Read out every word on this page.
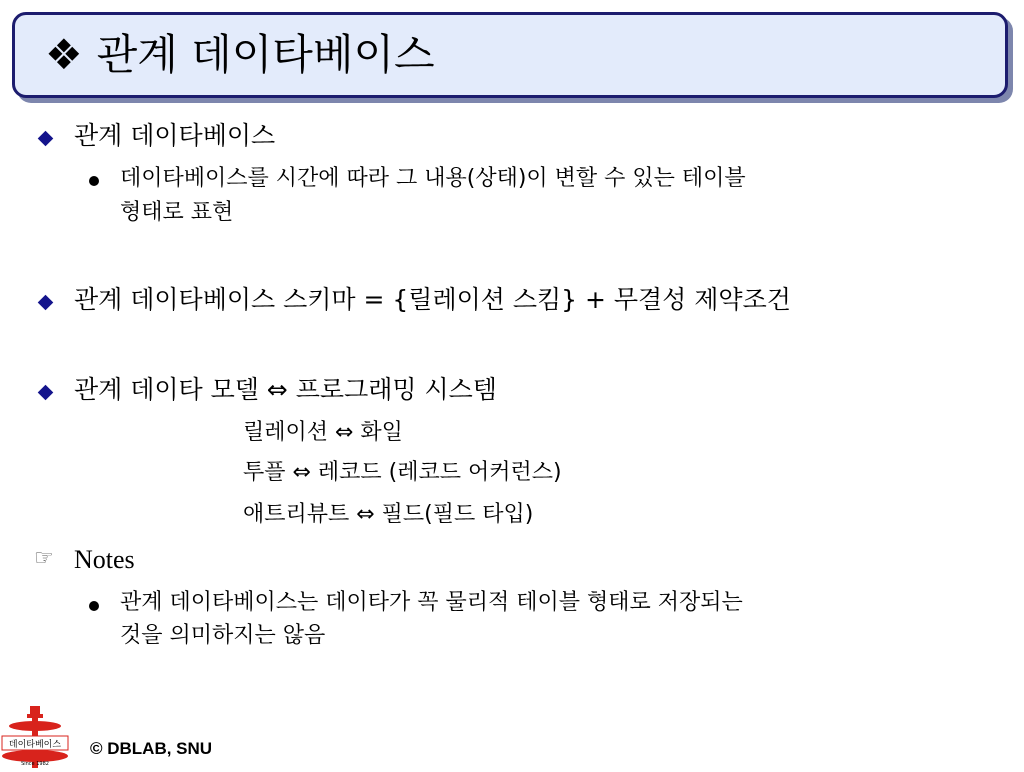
❖ 관계 데이타베이스
관계 데이타베이스
데이타베이스를 시간에 따라 그 내용(상태)이 변할 수 있는 테이블
형태로 표현
관계 데이타베이스 스키마 = {릴레이션 스킴} + 무결성 제약조건
관계 데이타 모델 ⇔ 프로그래밍 시스템
릴레이션 ⇔ 화일
투플 ⇔ 레코드 (레코드 어커런스)
애트리뷰트 ⇔ 필드(필드 타입)
☞ Notes
관계 데이타베이스는 데이타가 꼭 물리적 테이블 형태로 저장되는
것을 의미하지는 않음
데이타베이스
Since 1982
© DBLAB, SNU
